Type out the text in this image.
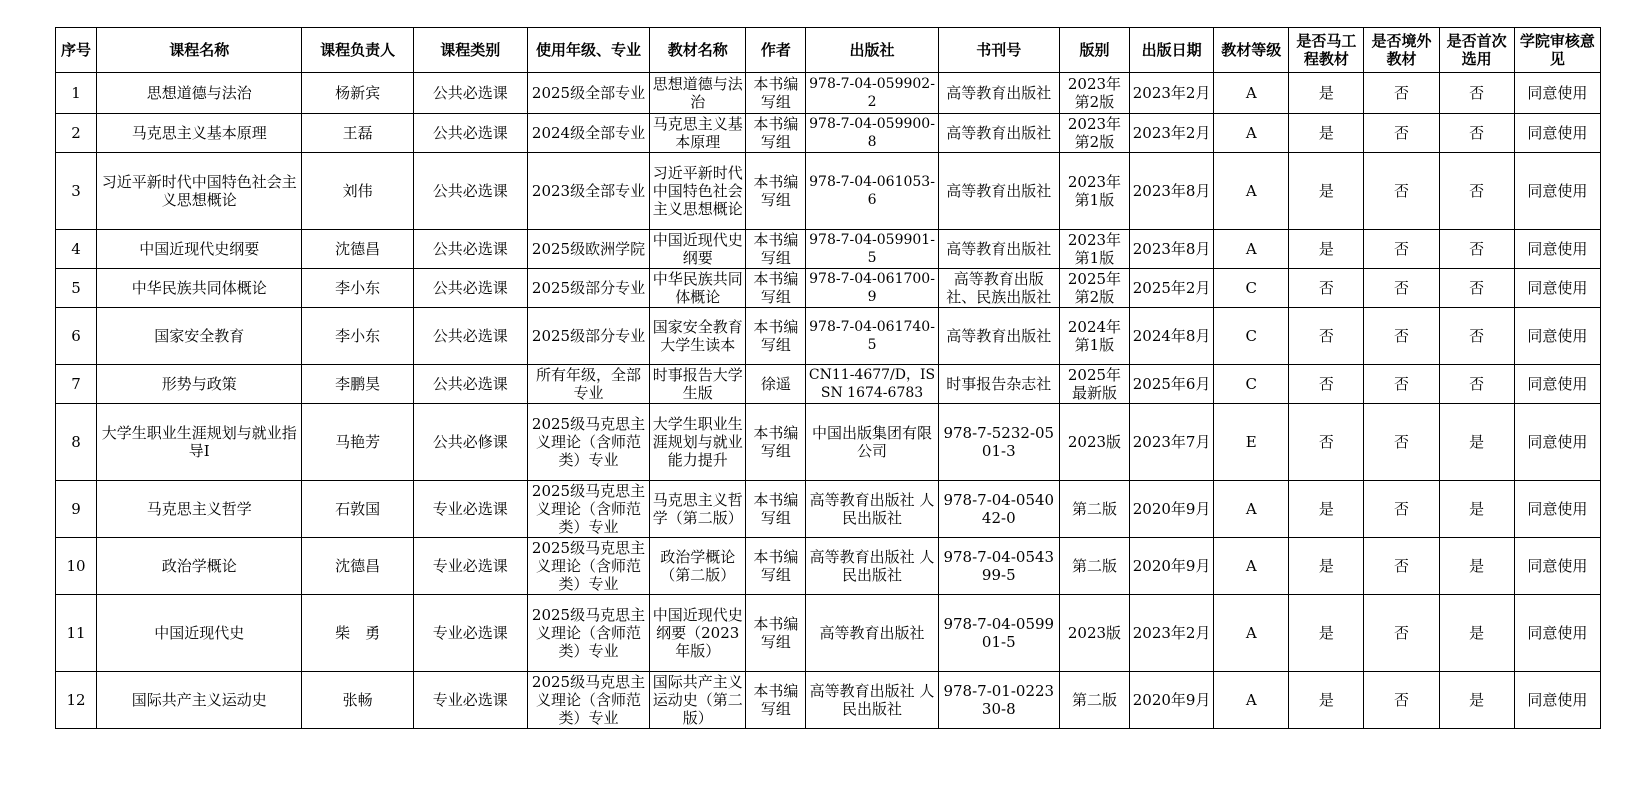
序号	课程名称	课程负责人	课程类别	使用年级、专业	教材名称	作者	出版社	书刊号	版别	出版日期	教材等级	是否马工程教材	是否境外教材	是否首次选用	学院审核意见
1	思想道德与法治	杨新宾	公共必选课	2025级全部专业	思想道德与法治	本书编写组	978-7-04-059902-2	高等教育出版社	2023年第2版	2023年2月	A	是	否	否	同意使用
2	马克思主义基本原理	王磊	公共必选课	2024级全部专业	马克思主义基本原理	本书编写组	978-7-04-059900-8	高等教育出版社	2023年第2版	2023年2月	A	是	否	否	同意使用
3	习近平新时代中国特色社会主义思想概论	刘伟	公共必选课	2023级全部专业	习近平新时代中国特色社会主义思想概论	本书编写组	978-7-04-061053-6	高等教育出版社	2023年第1版	2023年8月	A	是	否	否	同意使用
4	中国近现代史纲要	沈德昌	公共必选课	2025级欧洲学院	中国近现代史纲要	本书编写组	978-7-04-059901-5	高等教育出版社	2023年第1版	2023年8月	A	是	否	否	同意使用
5	中华民族共同体概论	李小东	公共必选课	2025级部分专业	中华民族共同体概论	本书编写组	978-7-04-061700-9	高等教育出版社、民族出版社	2025年第2版	2025年2月	C	否	否	否	同意使用
6	国家安全教育	李小东	公共必选课	2025级部分专业	国家安全教育大学生读本	本书编写组	978-7-04-061740-5	高等教育出版社	2024年第1版	2024年8月	C	否	否	否	同意使用
7	形势与政策	李鹏昊	公共必选课	所有年级，全部专业	时事报告大学生版	徐遥	CN11-4677/D，ISSN 1674-6783	时事报告杂志社	2025年最新版	2025年6月	C	否	否	否	同意使用
8	大学生职业生涯规划与就业指导Ⅰ	马艳芳	公共必修课	2025级马克思主义理论（含师范类）专业	大学生职业生涯规划与就业能力提升	本书编写组	中国出版集团有限公司	978-7-5232-0501-3	2023版	2023年7月	E	否	否	是	同意使用
9	马克思主义哲学	石敦国	专业必选课	2025级马克思主义理论（含师范类）专业	马克思主义哲学（第二版）	本书编写组	高等教育出版社 人民出版社	978-7-04-054042-0	第二版	2020年9月	A	是	否	是	同意使用
10	政治学概论	沈德昌	专业必选课	2025级马克思主义理论（含师范类）专业	政治学概论（第二版）	本书编写组	高等教育出版社 人民出版社	978-7-04-054399-5	第二版	2020年9月	A	是	否	是	同意使用
11	中国近现代史	柴　勇	专业必选课	2025级马克思主义理论（含师范类）专业	中国近现代史纲要（2023年版）	本书编写组	高等教育出版社	978-7-04-059901-5	2023版	2023年2月	A	是	否	是	同意使用
12	国际共产主义运动史	张畅	专业必选课	2025级马克思主义理论（含师范类）专业	国际共产主义运动史（第二版）	本书编写组	高等教育出版社 人民出版社	978-7-01-022330-8	第二版	2020年9月	A	是	否	是	同意使用
